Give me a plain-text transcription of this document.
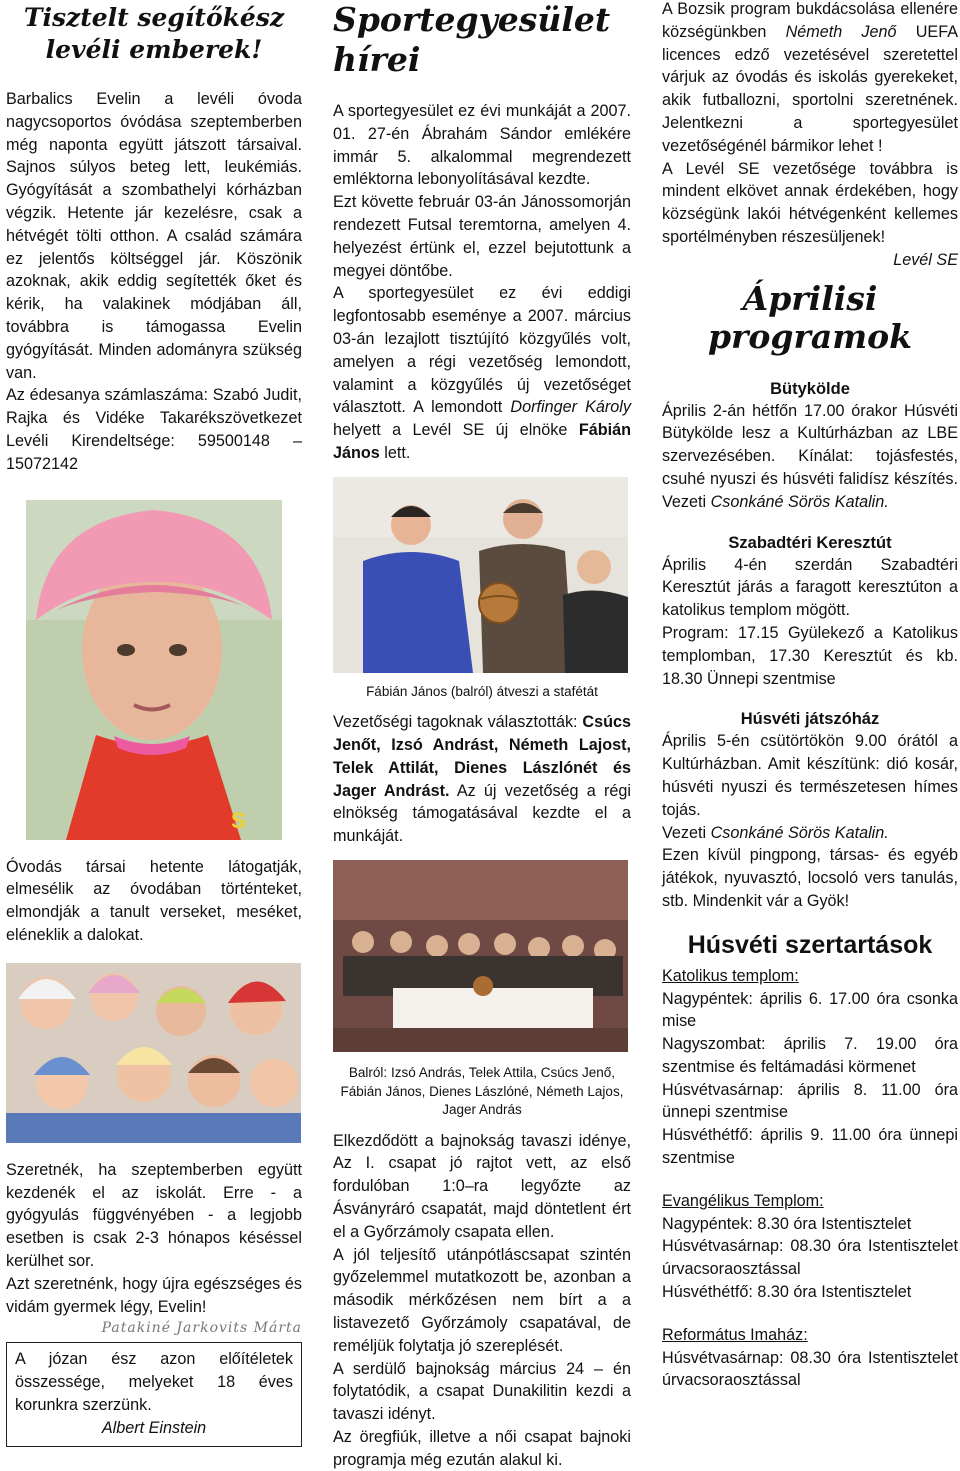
Tisztelt segítőkész levéli emberek!

Barbalics Evelin a levéli óvoda nagycsoportos óvódása szeptemberben még naponta együtt játszott társaival. Sajnos súlyos beteg lett, leukémiás. Gyógyítását a szombathelyi kórházban végzik. Hetente jár kezelésre, csak a hétvégét tölti otthon. A család számára ez jelentős költséggel jár. Köszönik azoknak, akik eddig segítették őket és kérik, ha valakinek módjában áll, továbbra is támogassa Evelin gyógyítását. Minden adományra szükség van.

Az édesanya számlaszáma: Szabó Judit, Rajka és Vidéke Takarékszövetkezet Levéli Kirendeltsége: 59500148 – 15072142

S

Óvodás társai hetente látogatják, elmesélik az óvodában történteket, elmondják a tanult verseket, meséket, eléneklik a dalokat.

Szeretnék, ha szeptemberben együtt kezdenék el az iskolát. Erre - a gyógyulás függvényében - a legjobb esetben is csak 2-3 hónapos késéssel kerülhet sor.

Azt szeretnénk, hogy újra egészséges és vidám gyermek légy, Evelin!

Patakiné Jarkovits Márta

A józan ész azon előítéletek összessége, melyeket 18 éves korunkra szerzünk.

Albert Einstein

Sportegyesület hírei

A sportegyesület ez évi munkáját a 2007. 01. 27-én Ábrahám Sándor emlékére immár 5. alkalommal megrendezett emléktorna lebonyolításával kezdte.

Ezt követte február 03-án Jánossomorján rendezett Futsal teremtorna, amelyen 4. helyezést értünk el, ezzel bejutottunk a megyei döntőbe.

A sportegyesület ez évi eddigi legfontosabb eseménye a 2007. március 03-án lezajlott tisztújító közgyűlés volt, amelyen a régi vezetőség lemondott, valamint a közgyűlés új vezetőséget választott. A lemondott Dorfinger Károly helyett a Levél SE új elnöke Fábián János lett.

Fábián János (balról) átveszi a stafétát

Vezetőségi tagoknak választották: Csúcs Jenőt, Izsó Andrást, Németh Lajost, Telek Attilát, Dienes Lászlónét és Jager Andrást. Az új vezetőség a régi elnökség támogatásával kezdte el a munkáját.

Balról: Izsó András, Telek Attila, Csúcs Jenő, Fábián János, Dienes Lászlóné, Németh Lajos, Jager András

Elkezdődött a bajnokság tavaszi idénye, Az I. csapat jó rajtot vett, az első fordulóban 1:0–ra legyőzte az Ásványráró csapatát, majd döntetlent ért el a Győrzámoly csapata ellen.

A jól teljesítő utánpótláscsapat szintén győzelemmel mutatkozott be, azonban a második mérkőzésen nem bírt a a listavezető Győrzámoly csapatával, de reméljük folytatja jó szereplését.

A serdülő bajnokság március 24 – én folytatódik, a csapat Dunakilitin kezdi a tavaszi idényt.

Az öregfiúk, illetve a női csapat bajnoki programja még ezután alakul ki.

A Bozsik program bukdácsolása ellenére községünkben Németh Jenő UEFA licences edző vezetésével szeretettel várjuk az óvodás és iskolás gyerekeket, akik futballozni, sportolni szeretnének. Jelentkezni a sportegyesület vezetőségénél bármikor lehet !

A Levél SE vezetősége továbbra is mindent elkövet annak érdekében, hogy községünk lakói hétvégenként kellemes sportélményben részesüljenek!

Levél SE

Áprilisi programok

Bütykölde

Április 2-án hétfőn 17.00 órakor Húsvéti Bütykölde lesz a Kultúrházban az LBE szervezésében. Kínálat: tojásfestés, csuhé nyuszi és húsvéti falidísz készítés. Vezeti Csonkáné Sörös Katalin.

Szabadtéri Keresztút

Április 4-én szerdán Szabadtéri Keresztút járás a faragott keresztúton a katolikus templom mögött.

Program: 17.15 Gyülekező a Katolikus templomban, 17.30 Keresztút és kb. 18.30 Ünnepi szentmise

Húsvéti játszóház

Április 5-én csütörtökön 9.00 órától a Kultúrházban. Amit készítünk: dió kosár, húsvéti nyuszi és természetesen hímes tojás.

Vezeti Csonkáné Sörös Katalin.

Ezen kívül pingpong, társas- és egyéb játékok, nyuvasztó, locsoló vers tanulás, stb. Mindenkit vár a Gyök!

Húsvéti szertartások

Katolikus templom:

Nagypéntek: április 6. 17.00 óra csonka mise

Nagyszombat: április 7. 19.00 óra szentmise és feltámadási körmenet

Húsvétvasárnap: április 8. 11.00 óra ünnepi szentmise

Húsvéthétfő: április 9. 11.00 óra ünnepi szentmise

Evangélikus Templom:

Nagypéntek: 8.30 óra Istentisztelet

Húsvétvasárnap: 08.30 óra Istentisztelet úrvacsoraosztással

Húsvéthétfő: 8.30 óra Istentisztelet

Református Imaház:

Húsvétvasárnap: 08.30 óra Istentisztelet úrvacsoraosztással
